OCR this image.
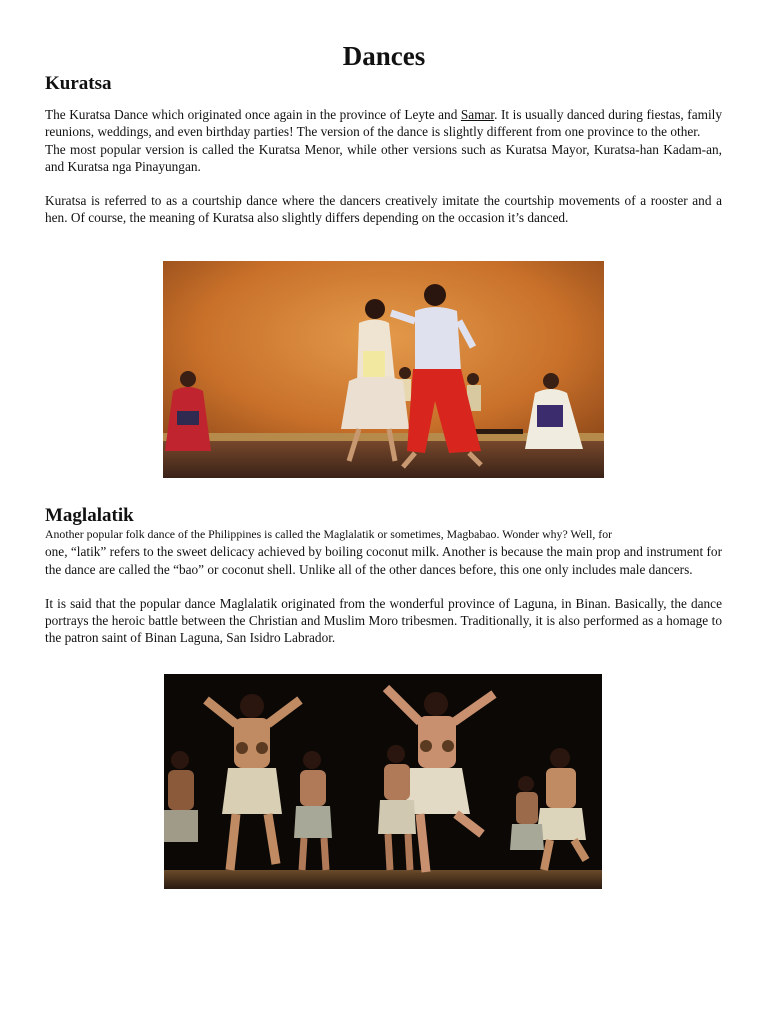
Dances
Kuratsa

The Kuratsa Dance which originated once again in the province of Leyte and Samar. It is usually danced during fiestas, family reunions, weddings, and even birthday parties! The version of the dance is slightly different from one province to the other.

The most popular version is called the Kuratsa Menor, while other versions such as Kuratsa Mayor, Kuratsa-han Kadam-an, and Kuratsa nga Pinayungan.

Kuratsa is referred to as a courtship dance where the dancers creatively imitate the courtship movements of a rooster and a hen. Of course, the meaning of Kuratsa also slightly differs depending on the occasion it’s danced.

Maglalatik

Another popular folk dance of the Philippines is called the Maglalatik or sometimes, Magbabao. Wonder why? Well, for

one, “latik” refers to the sweet delicacy achieved by boiling coconut milk. Another is because the main prop and instrument for the dance are called the “bao” or coconut shell. Unlike all of the other dances before, this one only includes male dancers.

It is said that the popular dance Maglalatik originated from the wonderful province of Laguna, in Binan. Basically, the dance portrays the heroic battle between the Christian and Muslim Moro tribesmen. Traditionally, it is also performed as a homage to the patron saint of Binan Laguna, San Isidro Labrador.
